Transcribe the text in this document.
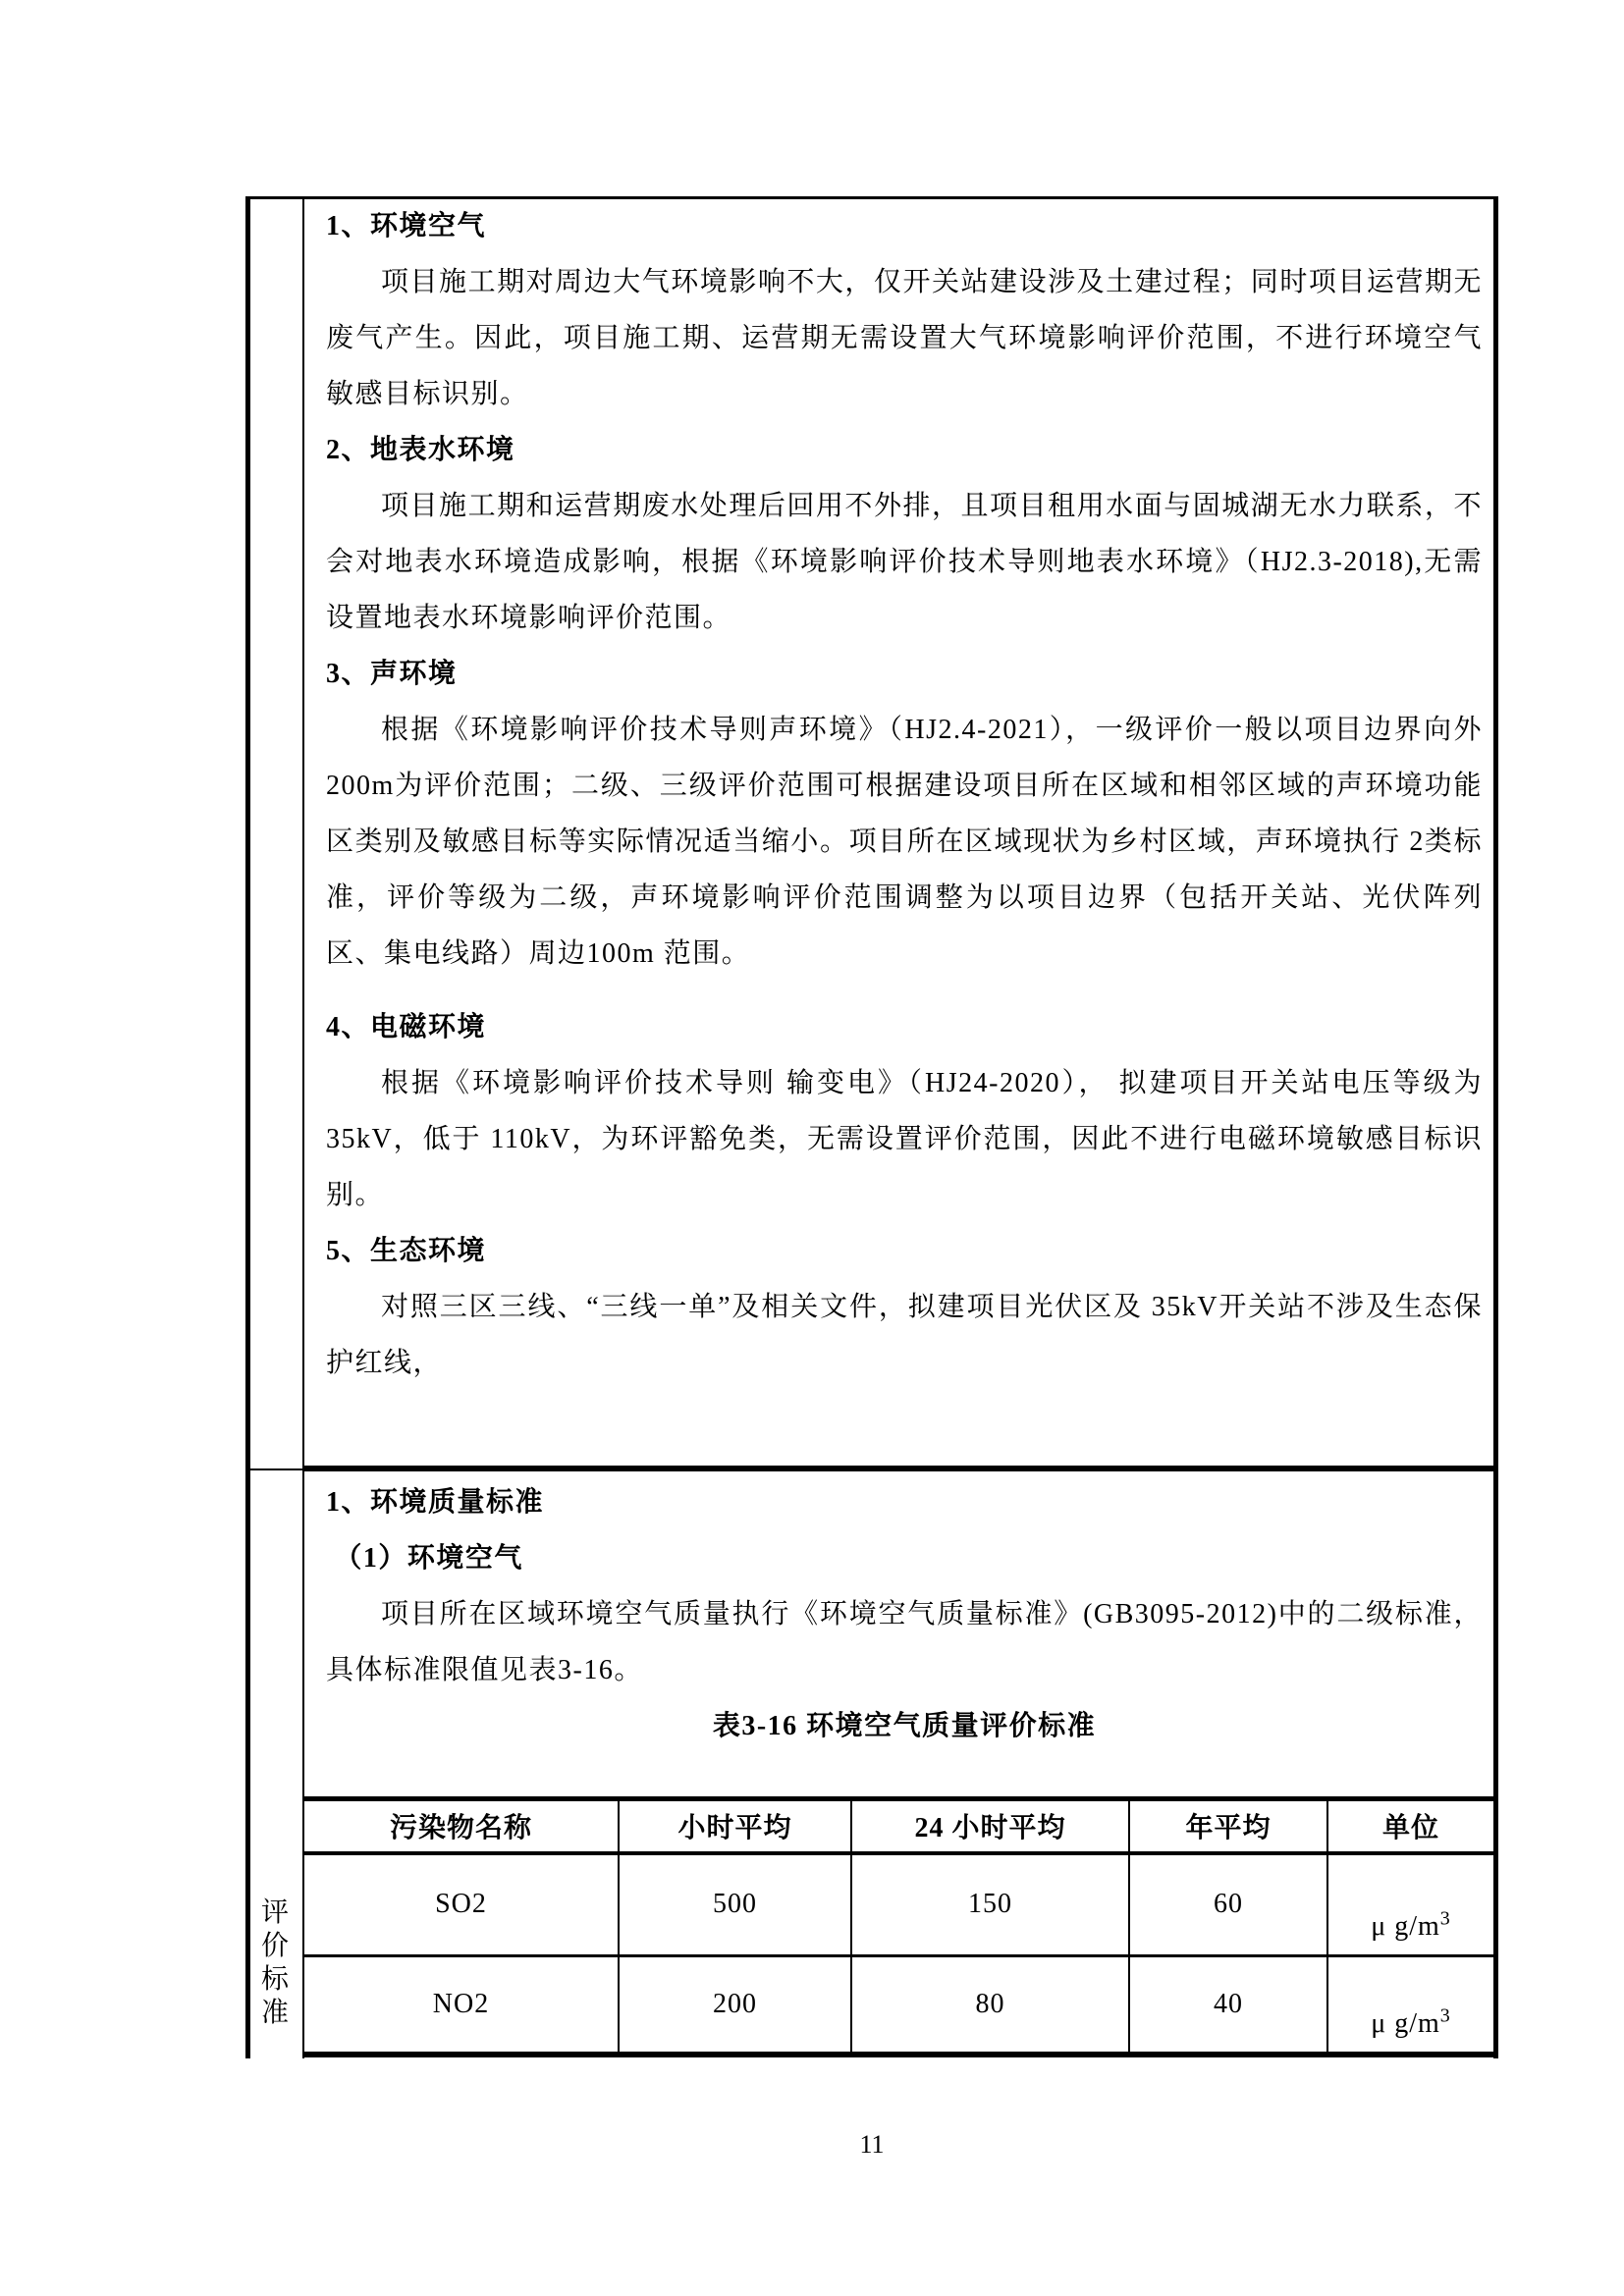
1、环境空气

项目施工期对周边大气环境影响不大，仅开关站建设涉及土建过程；同时项目运营期无废气产生。因此，项目施工期、运营期无需设置大气环境影响评价范围，不进行环境空气敏感目标识别。

2、地表水环境

项目施工期和运营期废水处理后回用不外排，且项目租用水面与固城湖无水力联系，不会对地表水环境造成影响，根据《环境影响评价技术导则地表水环境》（HJ2.3-2018),无需设置地表水环境影响评价范围。

3、声环境

根据《环境影响评价技术导则声环境》（HJ2.4-2021），一级评价一般以项目边界向外 200m为评价范围；二级、三级评价范围可根据建设项目所在区域和相邻区域的声环境功能区类别及敏感目标等实际情况适当缩小。项目所在区域现状为乡村区域，声环境执行 2类标准，评价等级为二级，声环境影响评价范围调整为以项目边界（包括开关站、光伏阵列区、集电线路）周边100m 范围。

4、电磁环境

根据《环境影响评价技术导则 输变电》（HJ24-2020）， 拟建项目开关站电压等级为35kV，低于 110kV，为环评豁免类，无需设置评价范围，因此不进行电磁环境敏感目标识别。

5、生态环境

对照三区三线、“三线一单”及相关文件，拟建项目光伏区及 35kV开关站不涉及生态保护红线，

1、环境质量标准

（1）环境空气

项目所在区域环境空气质量执行《环境空气质量标准》(GB3095-2012)中的二级标准，具体标准限值见表3-16。

表3-16 环境空气质量评价标准

评价标准
污染物名称	小时平均	24 小时平均	年平均	单位
SO2	500	150	60	μ $g/m^3$
NO2	200	80	40	μ $g/m^3$
11
